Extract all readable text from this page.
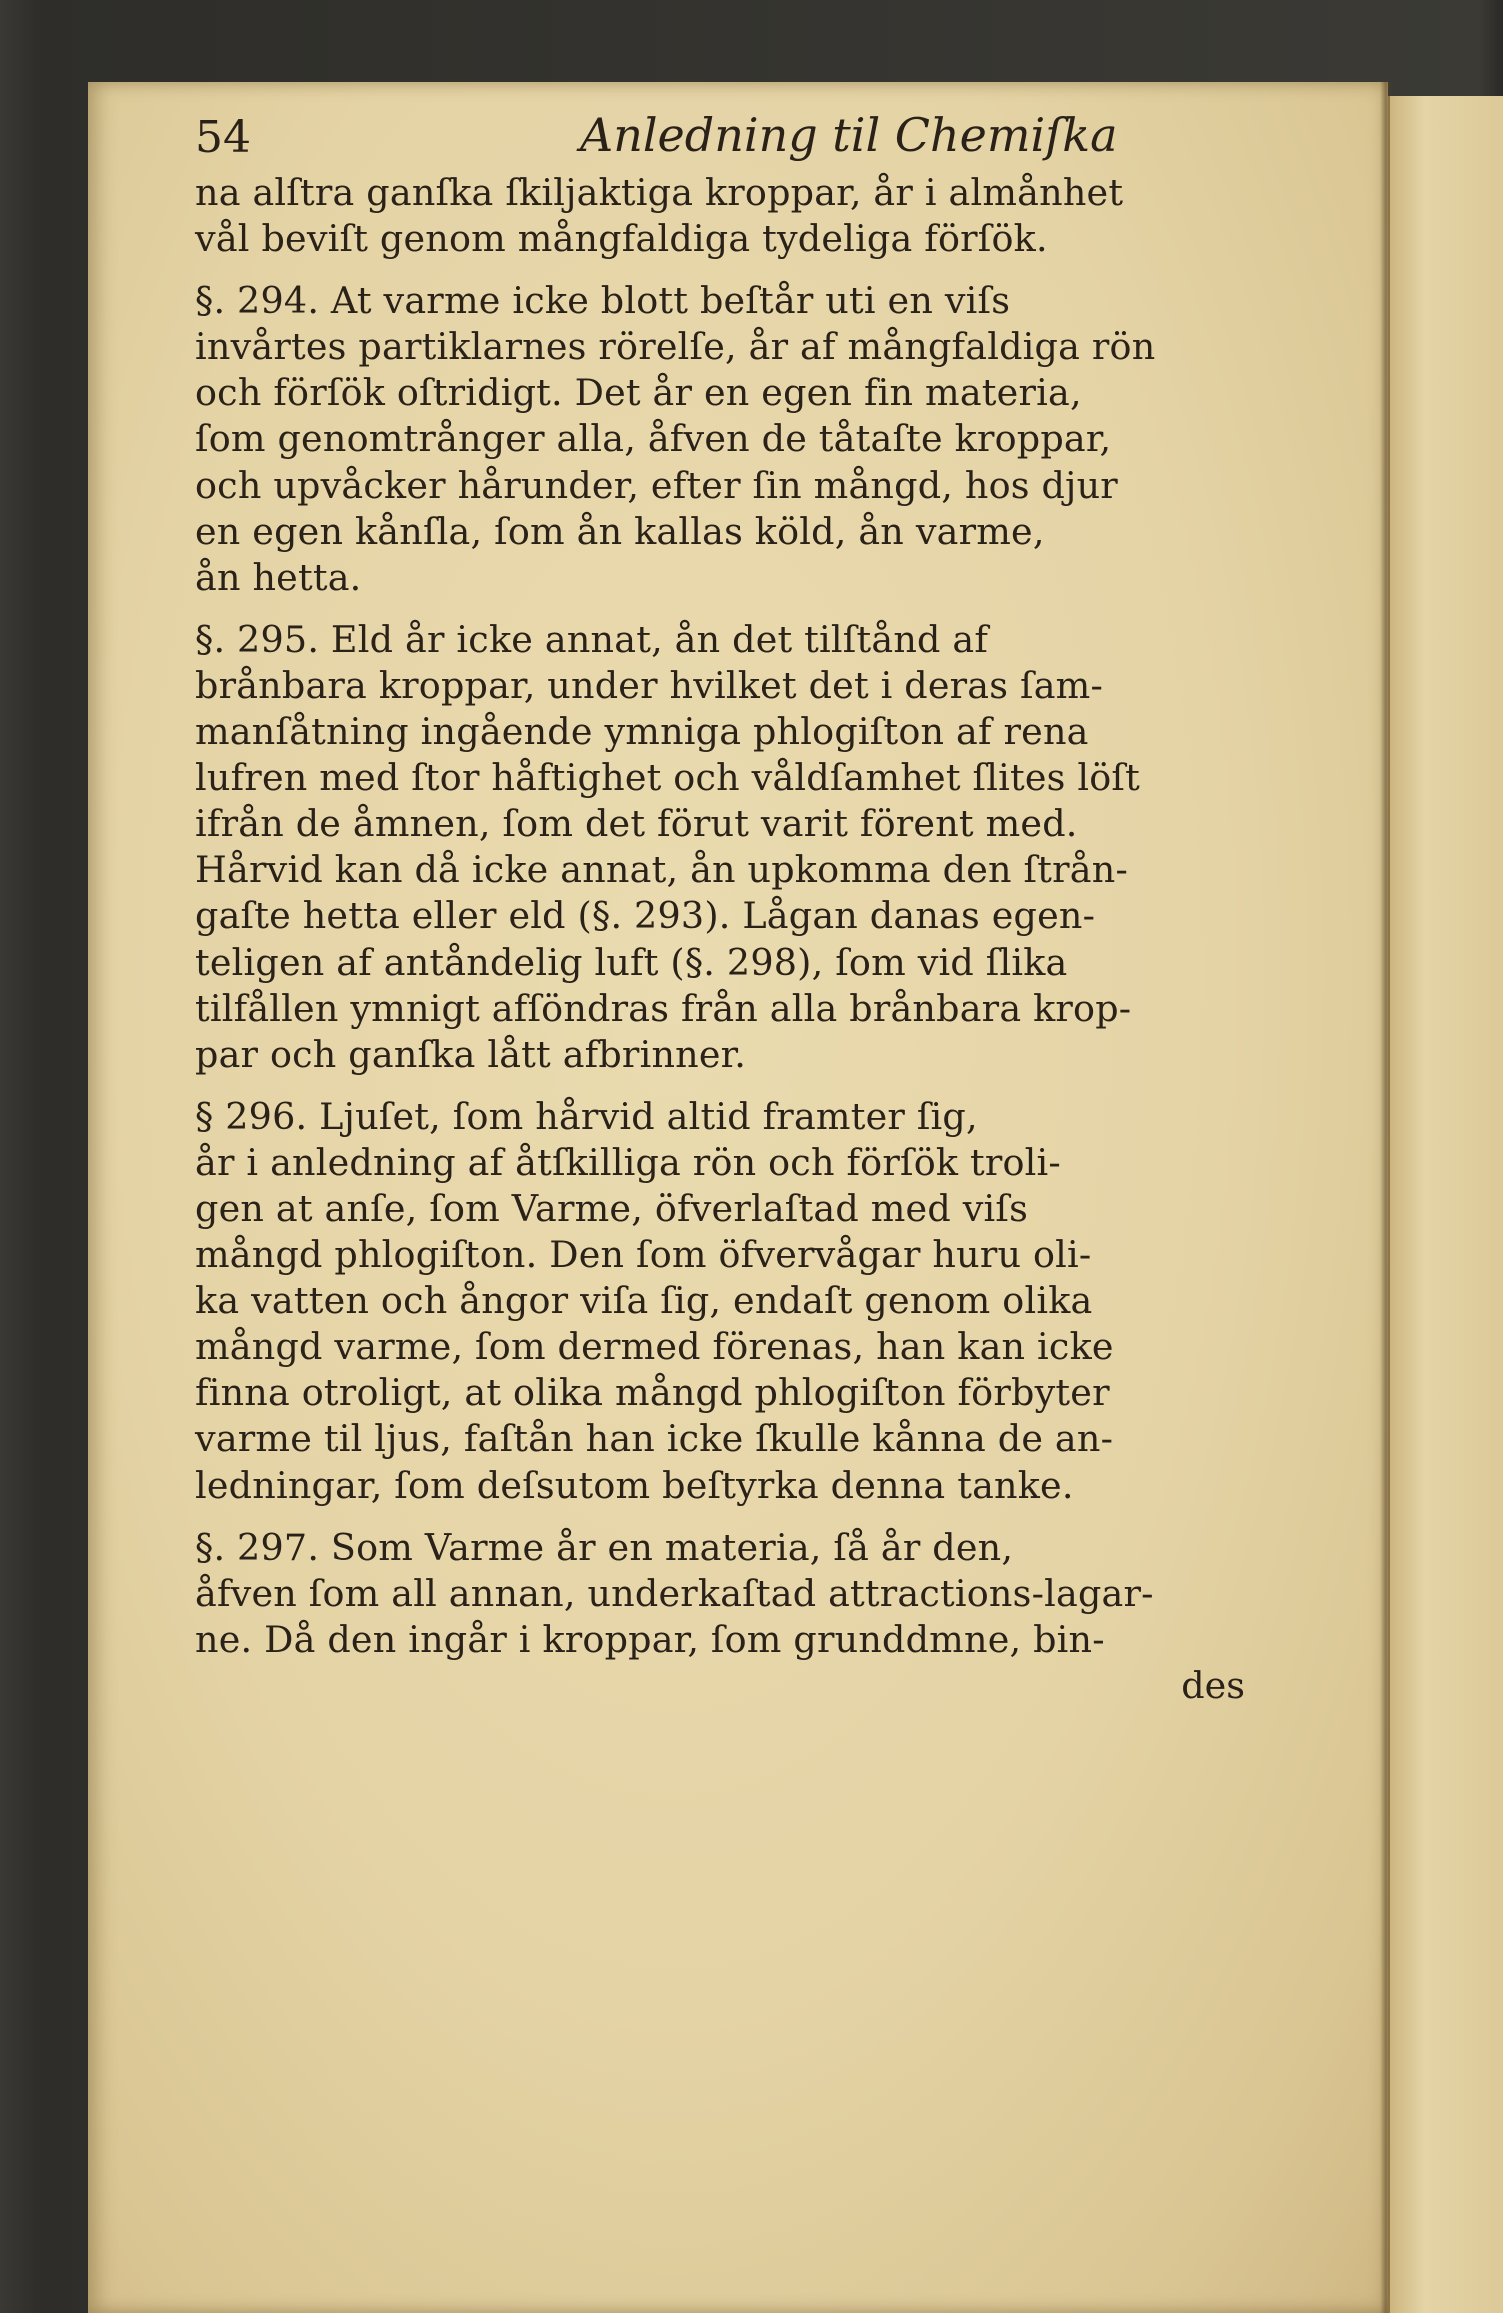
54	Anledning til Chemiſka
na alſtra ganſka ſkiljaktiga kroppar, år i almånhet
vål beviſt genom mångfaldiga tydeliga förſök.
§. 294. At varme icke blott beſtår uti en viſs
invårtes partiklarnes rörelſe, år af mångfaldiga rön
och förſök oſtridigt. Det år en egen fin materia,
ſom genomtrånger alla, åfven de tåtaſte kroppar,
och upvåcker hårunder, efter ſin mångd, hos djur
en egen kånſla, ſom ån kallas köld, ån varme,
ån hetta.
§. 295. Eld år icke annat, ån det tilſtånd af
brånbara kroppar, under hvilket det i deras ſam-
manſåtning ingående ymniga phlogiſton af rena
lufren med ſtor håftighet och våldſamhet ſlites löſt
ifrån de åmnen, ſom det förut varit förent med.
Hårvid kan då icke annat, ån upkomma den ſtrån-
gaſte hetta eller eld (§. 293). Lågan danas egen-
teligen af antåndelig luft (§. 298), ſom vid ſlika
tilfållen ymnigt afſöndras från alla brånbara krop-
par och ganſka lått afbrinner.
§ 296. Ljuſet, ſom hårvid altid framter ſig,
år i anledning af åtſkilliga rön och förſök troli-
gen at anſe, ſom Varme, öfverlaſtad med viſs
mångd phlogiſton. Den ſom öfvervågar huru oli-
ka vatten och ångor viſa ſig, endaſt genom olika
mångd varme, ſom dermed förenas, han kan icke
finna otroligt, at olika mångd phlogiſton förbyter
varme til ljus, faſtån han icke ſkulle kånna de an-
ledningar, ſom deſsutom beſtyrka denna tanke.
§. 297. Som Varme år en materia, ſå år den,
åfven ſom all annan, underkaſtad attractions-lagar-
ne. Då den ingår i kroppar, ſom grunddmne, bin-
des
